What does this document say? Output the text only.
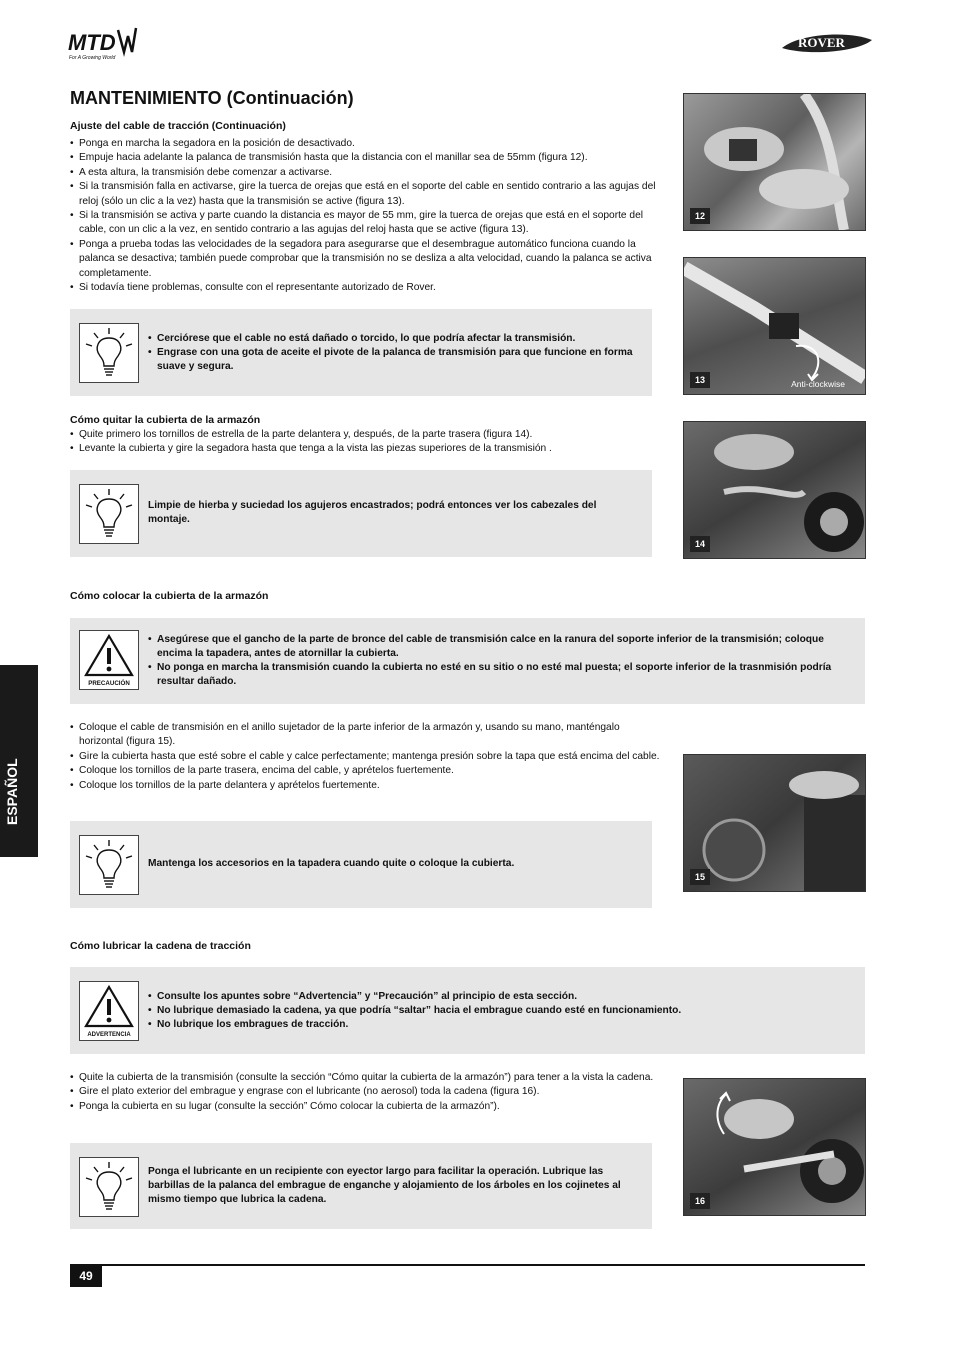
MTD
For A Growing World
ROVER
MANTENIMIENTO (Continuación)
Ajuste del cable de tracción (Continuación)
• Ponga en marcha la segadora en la posición de desactivado.
• Empuje hacia adelante la palanca de transmisión hasta que la distancia con el manillar sea de 55mm (figura 12).
• A esta altura, la transmisión debe comenzar a activarse.
• Si la transmisión falla en activarse, gire la tuerca de orejas que está en el soporte del cable en sentido contrario a las agujas del reloj (sólo un clic a la vez) hasta que la transmisión se active (figura 13).
• Si la transmisión se activa y parte cuando la distancia es mayor de 55 mm, gire la tuerca de orejas que está en el soporte del cable, con un clic a la vez, en sentido contrario a las agujas del reloj hasta que se active (figura 13).
• Ponga a prueba todas las velocidades de la segadora para asegurarse que el desembrague automático funciona cuando la palanca se desactiva; también puede comprobar que la transmisión no se desliza a alta velocidad, cuando la palanca se activa completamente.
• Si todavía tiene problemas, consulte con el representante autorizado de Rover.
• Cerciórese que el cable no está dañado o torcido, lo que podría afectar la transmisión.
• Engrase con una gota de aceite el pivote de la palanca de transmisión para que funcione en forma suave y segura.
Cómo quitar la cubierta de la armazón
• Quite primero los tornillos de estrella de la parte delantera y, después, de la parte trasera (figura 14).
• Levante la cubierta y gire la segadora hasta que tenga a la vista las piezas superiores de la transmisión .
Limpie de hierba y suciedad los agujeros encastrados; podrá entonces ver los cabezales del montaje.
Cómo colocar la cubierta de la armazón
PRECAUCIÓN
• Asegúrese que el gancho de la parte de bronce del cable de transmisión calce en la ranura del soporte inferior de la transmisión; coloque encima la tapadera, antes de atornillar la cubierta.
• No ponga en marcha la transmisión cuando la cubierta no esté en su sitio o no esté mal puesta; el soporte inferior de la trasnmisión podría resultar dañado.
• Coloque el cable de transmisión en el anillo sujetador de la parte inferior de la armazón y, usando su mano, manténgalo horizontal (figura 15).
• Gire la cubierta hasta que esté sobre el cable y calce perfectamente; mantenga presión sobre la tapa que está encima del cable.
• Coloque los tornillos de la parte trasera, encima del cable, y aprételos fuertemente.
• Coloque los tornillos de la parte delantera y aprételos fuertemente.
Mantenga los accesorios en la tapadera cuando quite o coloque la cubierta.
Cómo lubricar la cadena de tracción
ADVERTENCIA
• Consulte los apuntes sobre “Advertencia” y “Precaución” al principio de esta sección.
• No lubrique demasiado la cadena, ya que podría “saltar” hacia el embrague cuando esté en funcionamiento.
• No lubrique los embragues de tracción.
• Quite la cubierta de la transmisión (consulte la sección “Cómo quitar la cubierta de la armazón”) para tener a la vista la cadena.
• Gire el plato exterior del embrague y engrase con el lubricante (no aerosol) toda la cadena (figura 16).
• Ponga la cubierta en su lugar (consulte la sección” Cómo colocar la cubierta de la armazón”).
Ponga el lubricante en un recipiente con eyector largo para facilitar la operación. Lubrique las barbillas de la palanca del embrague de enganche y alojamiento de los árboles en los cojinetes al mismo tiempo que lubrica la cadena.
12
Anti-clockwise
13
14
15
16
ESPAÑOL
49
